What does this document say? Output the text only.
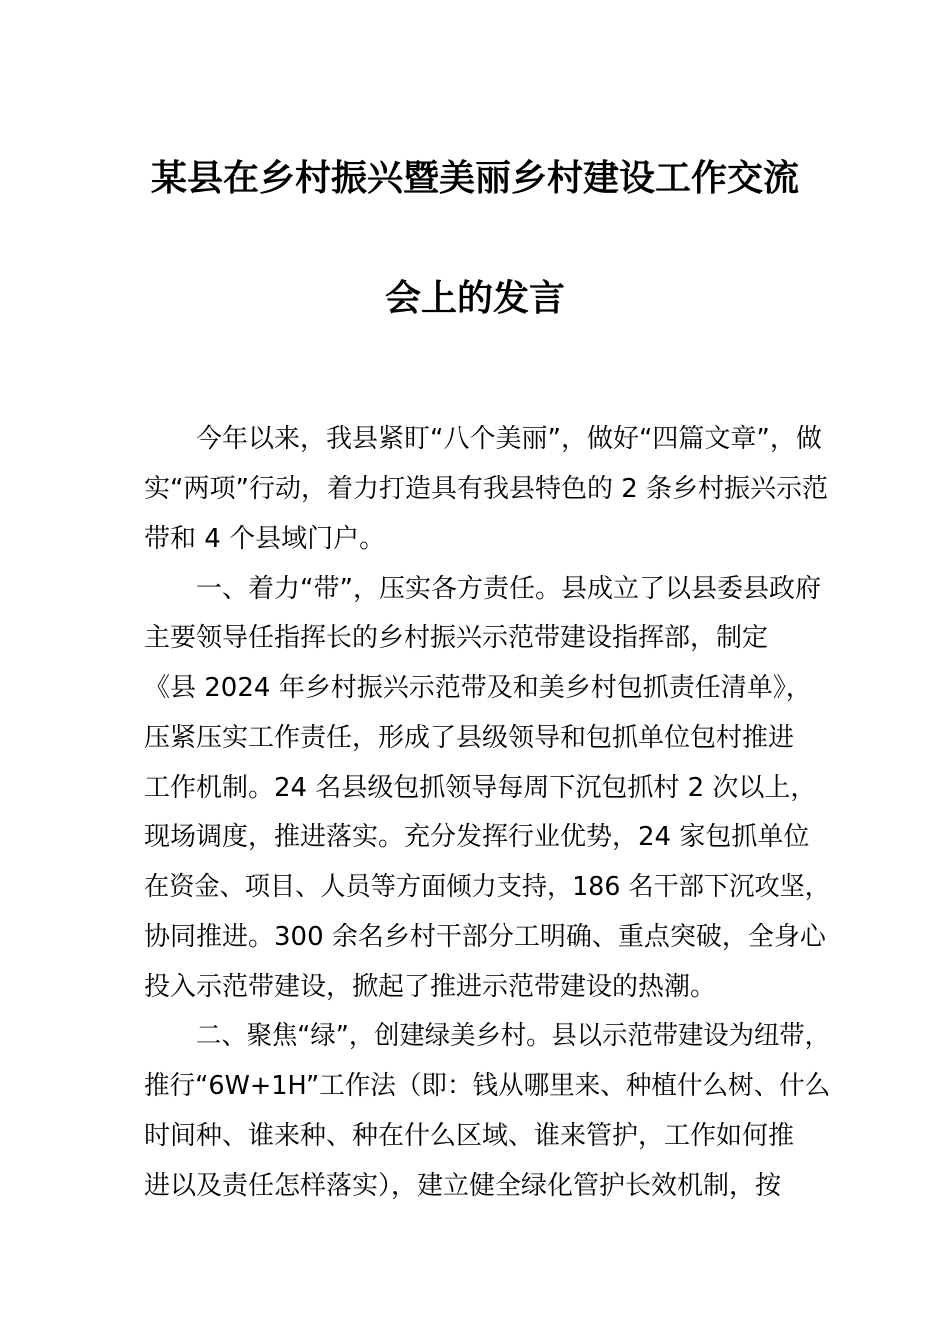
某县在乡村振兴暨美丽乡村建设工作交流
会上的发言
今年以来，我县紧盯“八个美丽”，做好“四篇文章”，做
实“两项”行动，着力打造具有我县特色的 2 条乡村振兴示范
带和 4 个县域门户。
一、着力“带”，压实各方责任。县成立了以县委县政府
主要领导任指挥长的乡村振兴示范带建设指挥部，制定
《县 2024 年乡村振兴示范带及和美乡村包抓责任清单》，
压紧压实工作责任，形成了县级领导和包抓单位包村推进
工作机制。24 名县级包抓领导每周下沉包抓村 2 次以上，
现场调度，推进落实。充分发挥行业优势，24 家包抓单位
在资金、项目、人员等方面倾力支持，186 名干部下沉攻坚，
协同推进。300 余名乡村干部分工明确、重点突破，全身心
投入示范带建设，掀起了推进示范带建设的热潮。
二、聚焦“绿”，创建绿美乡村。县以示范带建设为纽带，
推行“6W+1H”工作法（即：钱从哪里来、种植什么树、什么
时间种、谁来种、种在什么区域、谁来管护，工作如何推
进以及责任怎样落实），建立健全绿化管护长效机制，按
